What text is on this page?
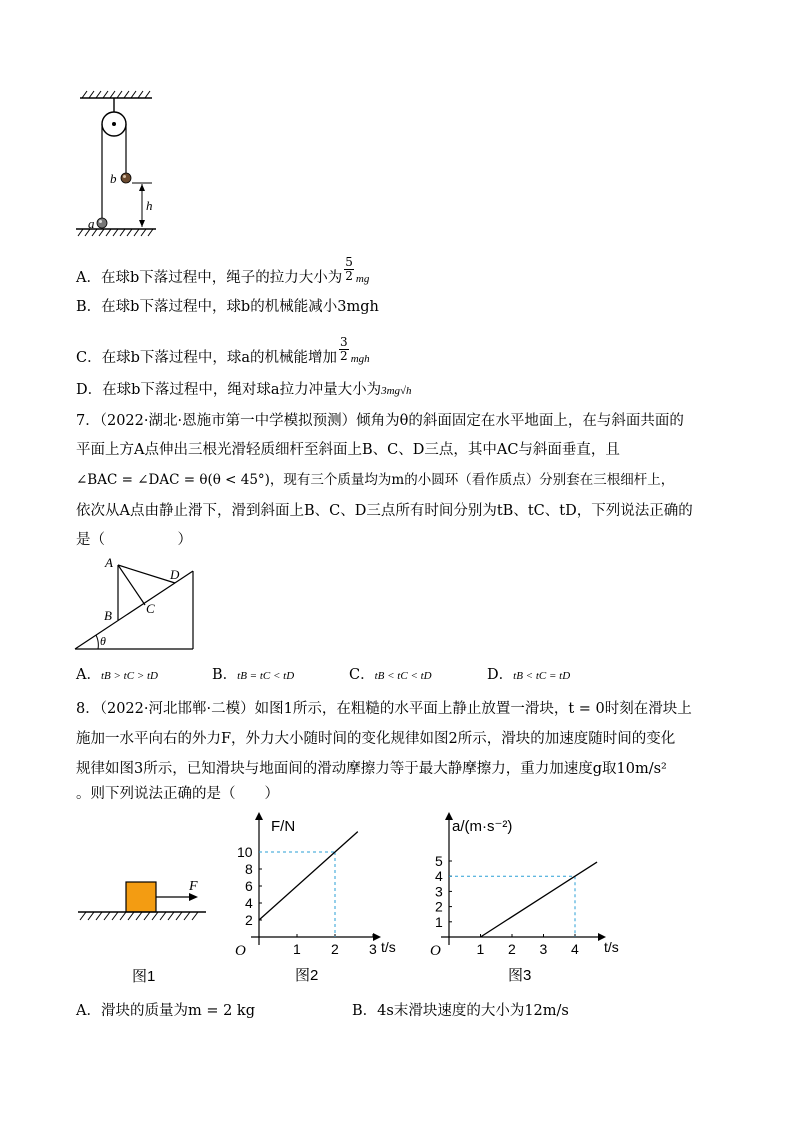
b
a
h
A．在球b下落过程中，绳子的拉力大小为 $\frac{5}{2}$ mg
B．在球b下落过程中，球b的机械能减小3mgh
C．在球b下落过程中，球a的机械能增加 $\frac{3}{2}$ mgh
D．在球b下落过程中，绳对球a拉力冲量大小为3mg√h
7．（2022·湖北·恩施市第一中学模拟预测）倾角为θ的斜面固定在水平地面上，在与斜面共面的
平面上方A点伸出三根光滑轻质细杆至斜面上B、C、D三点，其中AC与斜面垂直，且
∠BAC = ∠DAC = θ(θ < 45°)，现有三个质量均为m的小圆环（看作质点）分别套在三根细杆上，
依次从A点由静止滑下，滑到斜面上B、C、D三点所有时间分别为tB、tC、tD，下列说法正确的
是（　　　　　）
A
B	C
D
θ
A．tB > tC > tD	B．tB = tC < tD	C．tB < tC < tD	D．tB < tC = tD
8．（2022·河北邯郸·二模）如图1所示，在粗糙的水平面上静止放置一滑块，t = 0时刻在滑块上
施加一水平向右的外力F，外力大小随时间的变化规律如图2所示，滑块的加速度随时间的变化
规律如图3所示，已知滑块与地面间的滑动摩擦力等于最大静摩擦力，重力加速度g取10m/s²
。则下列说法正确的是（　　）
F
图1
1 2 3
2
4
6
8
10
F/N
t/s
O
图2
1 2 3 4
1
2
3
4
5
a/(m·s⁻²)
t/s
O
图3
A．滑块的质量为m = 2 kg	B．4s末滑块速度的大小为12m/s
